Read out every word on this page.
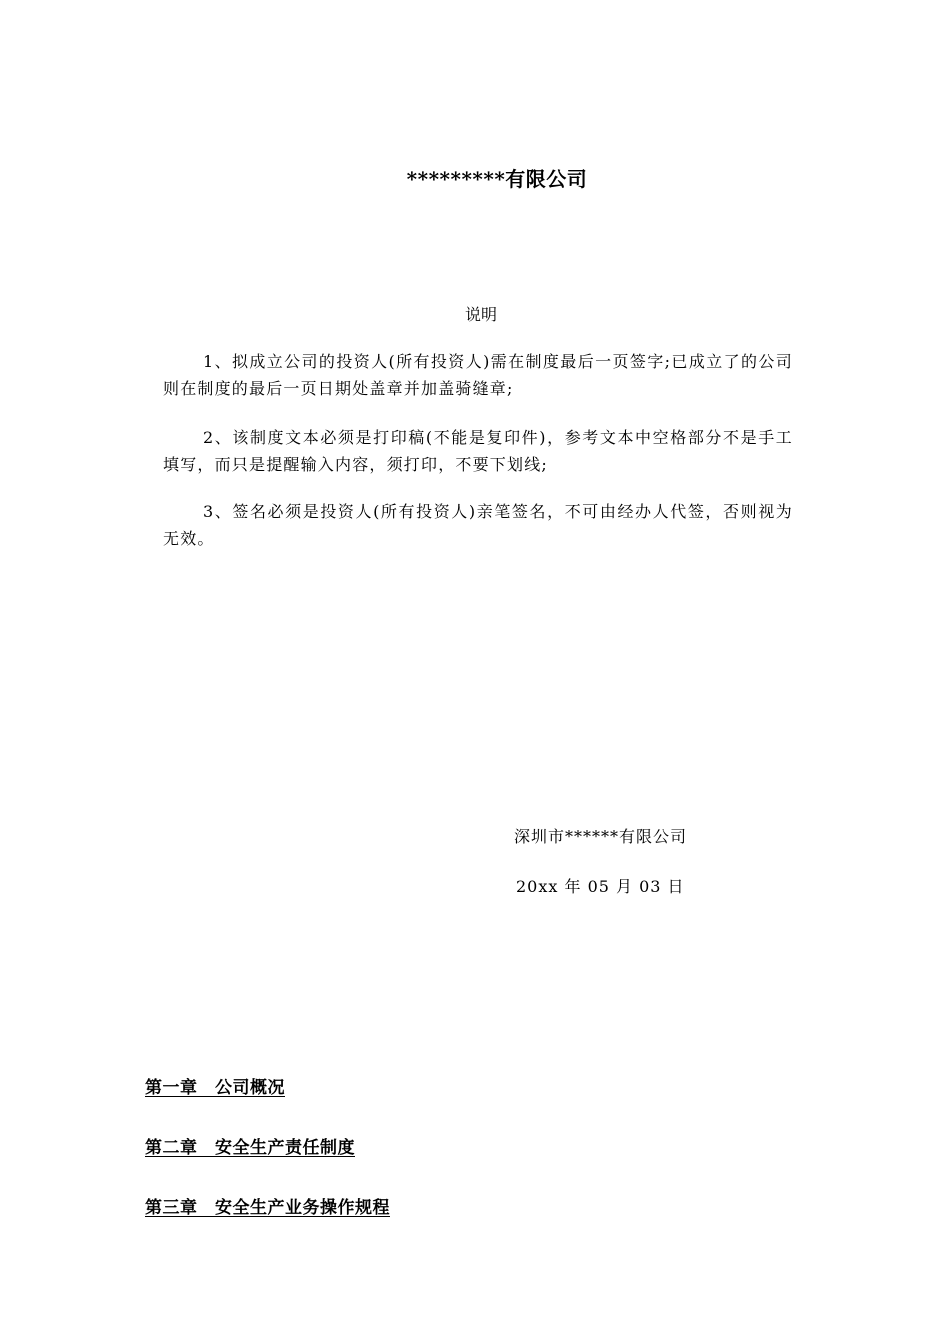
*********有限公司
说明

1、拟成立公司的投资人(所有投资人)需在制度最后一页签字;已成立了的公司则在制度的最后一页日期处盖章并加盖骑缝章;

2、该制度文本必须是打印稿(不能是复印件)，参考文本中空格部分不是手工填写，而只是提醒输入内容，须打印，不要下划线;

3、签名必须是投资人(所有投资人)亲笔签名，不可由经办人代签，否则视为无效。

深圳市******有限公司
20xx 年 05 月 03 日
第一章　公司概况
第二章　安全生产责任制度
第三章　安全生产业务操作规程
